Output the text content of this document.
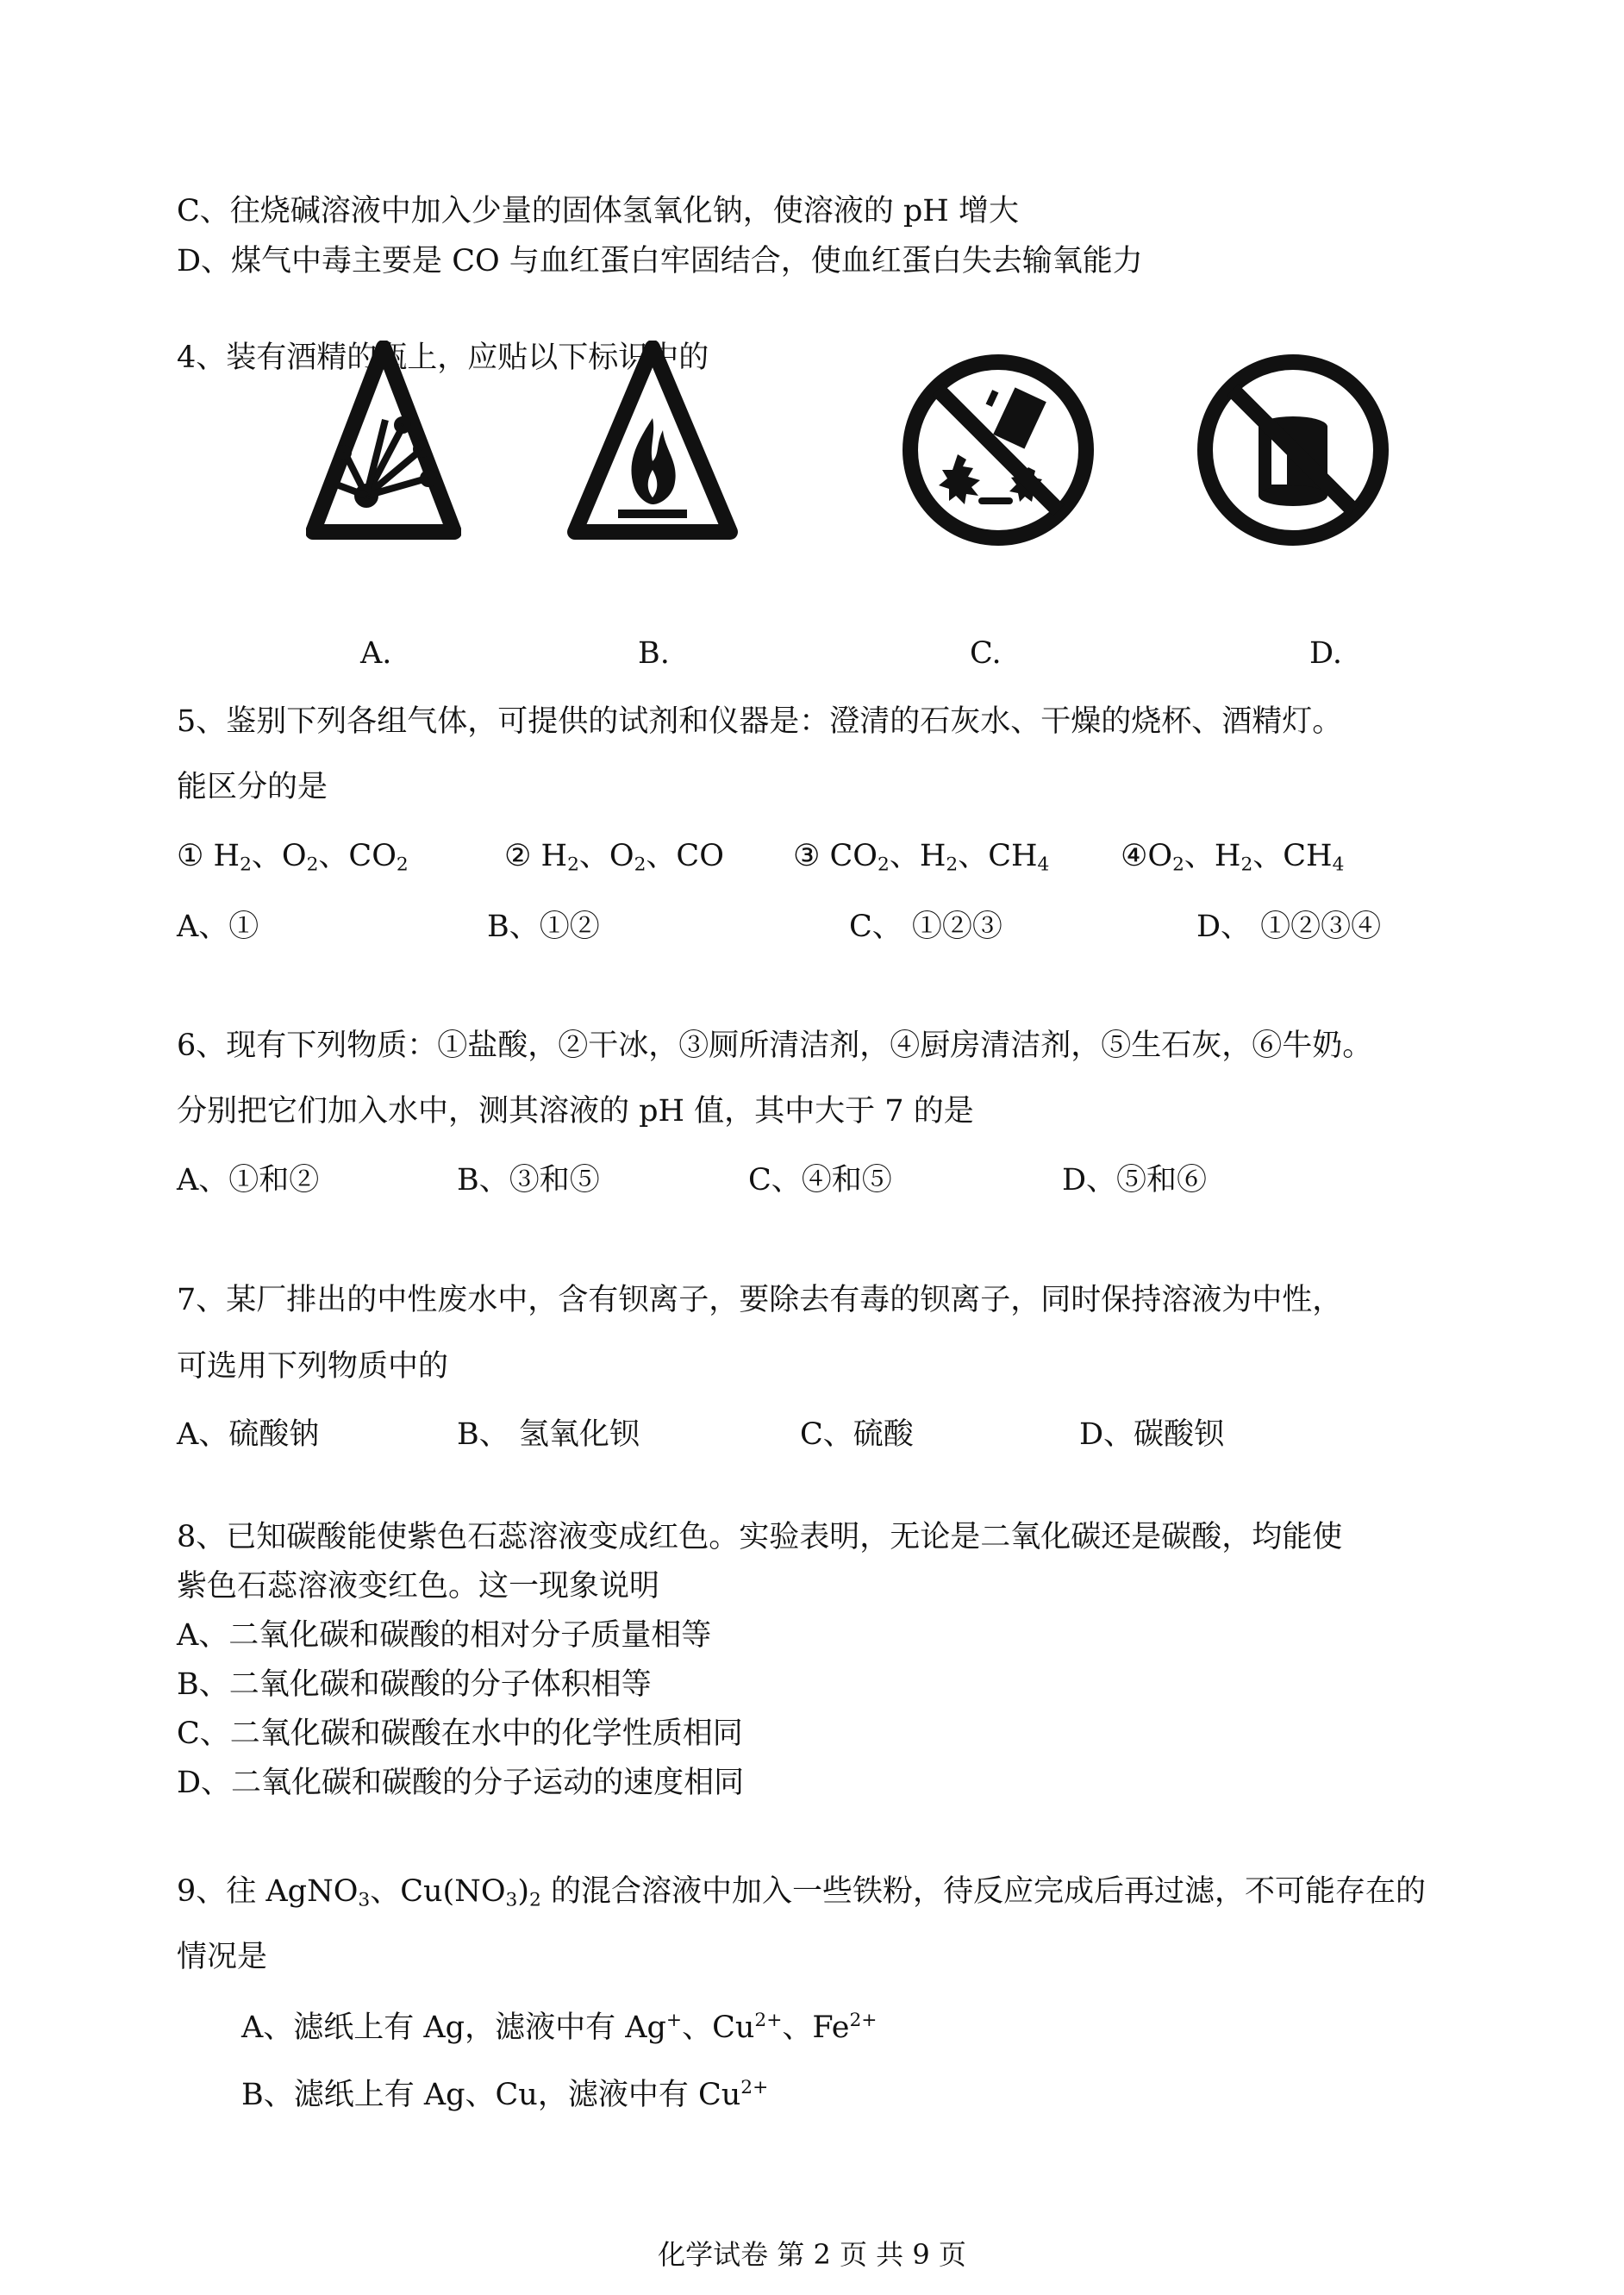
C、往烧碱溶液中加入少量的固体氢氧化钠，使溶液的 pH 增大
D、煤气中毒主要是 CO 与血红蛋白牢固结合，使血红蛋白失去输氧能力
4、装有酒精的瓶上，应贴以下标识中的
A.	B.	C.	D.
5、鉴别下列各组气体，可提供的试剂和仪器是：澄清的石灰水、干燥的烧杯、酒精灯。
能区分的是
① $H_2$、$O_2$、$CO_2$	② $H_2$、$O_2$、CO ③ $CO_2$、$H_2$、$CH_4$ $④O_2$、$H_2$、$CH_4$
A、①	B、①②	C、 ①②③	D、 ①②③④
6、现有下列物质：①盐酸，②干冰，③厕所清洁剂，④厨房清洁剂，⑤生石灰，⑥牛奶。
分别把它们加入水中，测其溶液的 pH 值，其中大于 7 的是
A、①和②	B、③和⑤	C、④和⑤	D、⑤和⑥
7、某厂排出的中性废水中，含有钡离子，要除去有毒的钡离子，同时保持溶液为中性，
可选用下列物质中的
A、硫酸钠	B、 氢氧化钡	C、硫酸	D、碳酸钡
8、已知碳酸能使紫色石蕊溶液变成红色。实验表明，无论是二氧化碳还是碳酸，均能使
紫色石蕊溶液变红色。这一现象说明
A、二氧化碳和碳酸的相对分子质量相等
B、二氧化碳和碳酸的分子体积相等
C、二氧化碳和碳酸在水中的化学性质相同
D、二氧化碳和碳酸的分子运动的速度相同
9、往 AgNO$_3$、$Cu(NO_3)_2$ 的混合溶液中加入一些铁粉，待反应完成后再过滤，不可能存在的
情况是
A、滤纸上有 Ag，滤液中有 Ag+、$Cu^{2+}$、$Fe^{2+}$
B、滤纸上有 Ag、Cu，滤液中有 $Cu^{2+}$
化学试卷 第 2 页 共 9 页
